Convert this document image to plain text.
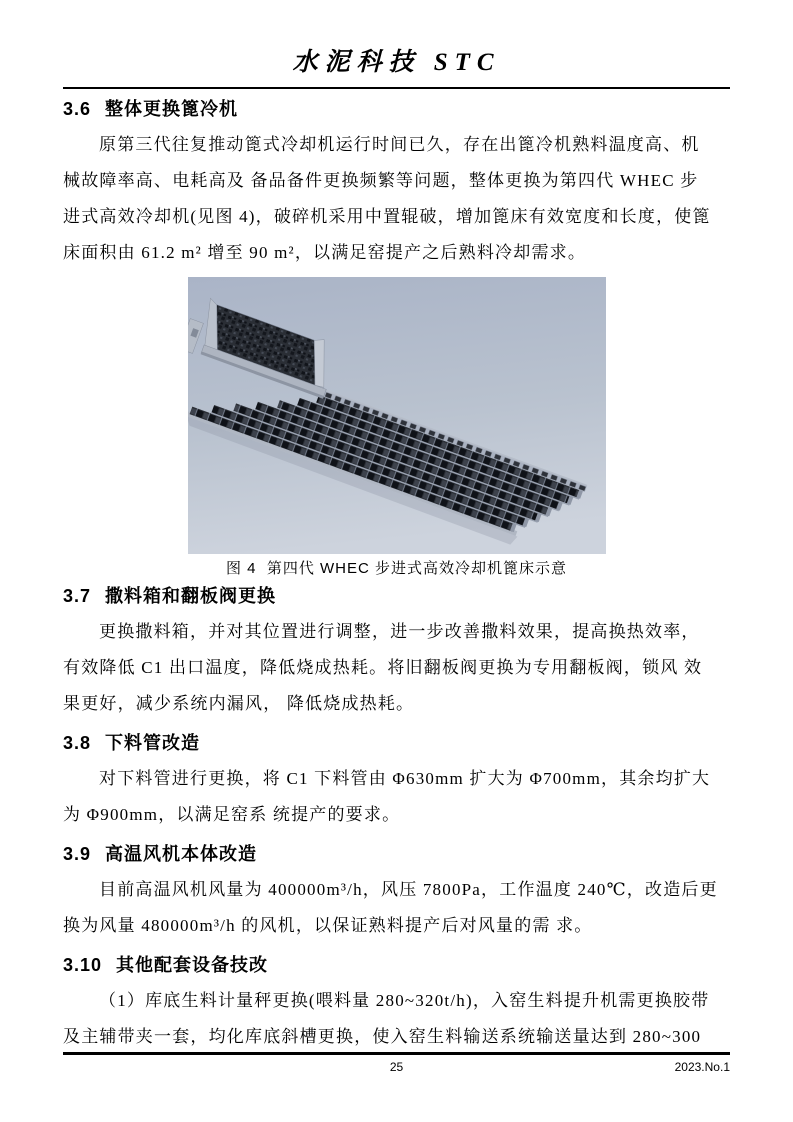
水泥科技 STC
3.6 整体更换篦冷机
原第三代往复推动篦式冷却机运行时间已久，存在出篦冷机熟料温度高、机
械故障率高、电耗高及 备品备件更换频繁等问题，整体更换为第四代 WHEC 步
进式高效冷却机(见图 4)，破碎机采用中置辊破，增加篦床有效宽度和长度，使篦
床面积由 61.2 m² 增至 90 m²，以满足窑提产之后熟料冷却需求。
图 4  第四代 WHEC 步进式高效冷却机篦床示意
3.7 撒料箱和翻板阀更换
更换撒料箱，并对其位置进行调整，进一步改善撒料效果，提高换热效率，
有效降低 C1 出口温度，降低烧成热耗。将旧翻板阀更换为专用翻板阀，锁风 效
果更好，减少系统内漏风， 降低烧成热耗。
3.8 下料管改造
对下料管进行更换，将 C1 下料管由 Φ630mm 扩大为 Φ700mm，其余均扩大
为 Φ900mm，以满足窑系 统提产的要求。
3.9 高温风机本体改造
目前高温风机风量为 400000m³/h，风压 7800Pa，工作温度 240℃，改造后更
换为风量 480000m³/h 的风机，以保证熟料提产后对风量的需 求。
3.10 其他配套设备技改
（1）库底生料计量秤更换(喂料量 280~320t/h)，入窑生料提升机需更换胶带
及主辅带夹一套，均化库底斜槽更换，使入窑生料输送系统输送量达到 280~300
25	2023.No.1
